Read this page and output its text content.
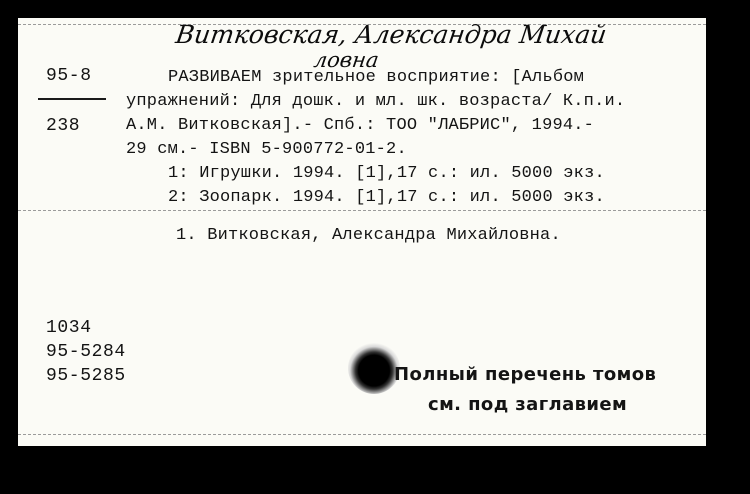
Витковская, Александра Михай
ловна
95-8
238
РАЗВИВАЕМ зрительное восприятие: [Альбом
упражнений: Для дошк. и мл. шк. возраста/ К.п.и.
А.М. Витковская].- Спб.: ТОО "ЛАБРИС", 1994.-
29 см.- ISBN 5-900772-01-2.
1: Игрушки. 1994. [1],17 с.: ил. 5000 экз.
2: Зоопарк. 1994. [1],17 с.: ил. 5000 экз.
1. Витковская, Александра Михайловна.
1034
95-5284
95-5285	Полный перечень томов
см. под заглавием
